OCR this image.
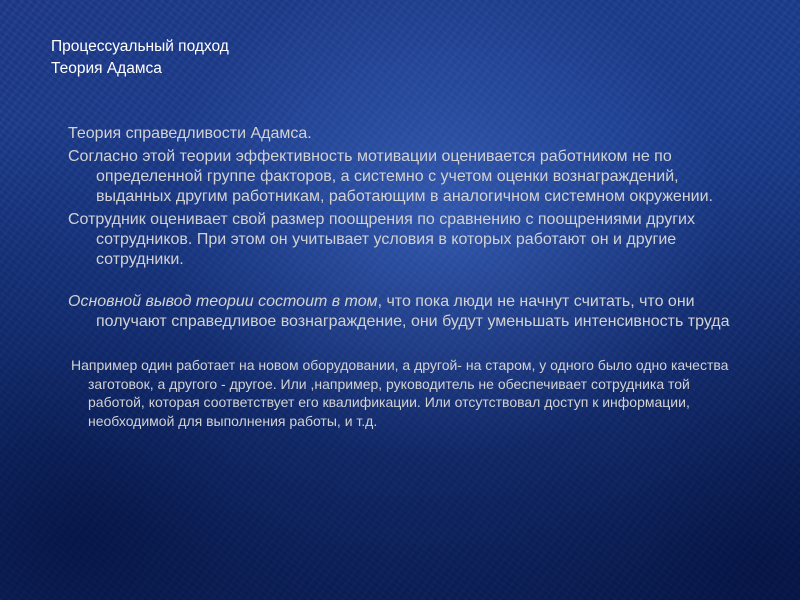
Процессуальный подход
Теория Адамса

Теория справедливости Адамса.

Согласно этой теории эффективность мотивации оценивается работником не по определенной группе факторов, а системно с учетом оценки вознаграждений, выданных другим работникам, работающим в аналогичном системном окружении.

Сотрудник оценивает свой размер поощрения по сравнению с поощрениями других сотрудников. При этом он учитывает условия в которых работают он и другие сотрудники.

Основной вывод теории состоит в том, что пока люди не начнут считать, что они получают справедливое вознаграждение, они будут уменьшать интенсивность труда

Например один работает на новом оборудовании, а другой- на старом, у одного было одно качества заготовок, а другого - другое. Или ,например, руководитель не обеспечивает сотрудника той работой, которая соответствует его квалификации. Или отсутствовал доступ к информации, необходимой для выполнения работы, и т.д.
